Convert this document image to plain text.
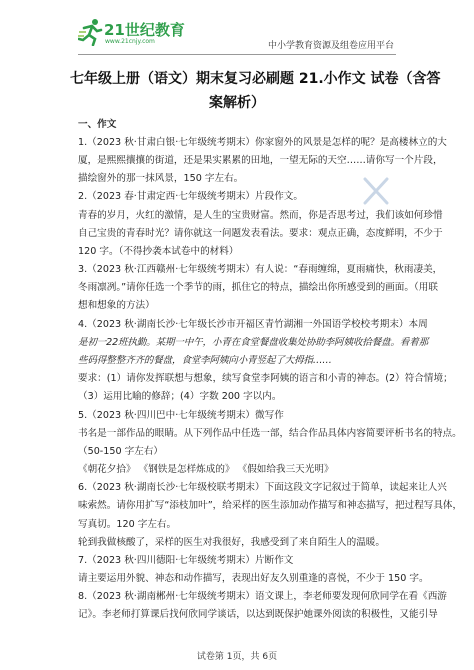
21世纪教育
www.21cnjy.com	中小学教育资源及组卷应用平台
七年级上册（语文）期末复习必刷题 21.小作文 试卷（含答
案解析）
一、作文
1.（2023 秋·甘肃白银·七年级统考期末）你家窗外的风景是怎样的呢？是高楼林立的大
厦，是熙熙攘攘的街道，还是果实累累的田地，一望无际的天空……请你写一个片段，
描绘窗外的那一抹风景，150 字左右。
2.（2023 春·甘肃定西·七年级统考期末）片段作文。
青春的岁月，火红的激情，是人生的宝贵财富。然而，你是否思考过，我们该如何珍惜
自己宝贵的青春时光？请你就这一问题发表看法。要求：观点正确，态度鲜明，不少于
120 字。（不得抄袭本试卷中的材料）
3.（2023 秋·江西赣州·七年级统考期末）有人说：“春雨缠绵，夏雨痛快，秋雨凄美，
冬雨凛冽。”请你任选一个季节的雨，抓住它的特点，描绘出你所感受到的画面。（用联
想和想象的方法）
4.（2023 秋·湖南长沙·七年级长沙市开福区青竹湖湘一外国语学校校考期末）本周
是初一22班执勤。某期一中午，小青在食堂餐盘收集处协助李阿姨收拾餐盘。看着那
些码得整整齐齐的餐盘，食堂李阿姨向小青竖起了大拇指……
要求：(1）请你发挥联想与想象，续写食堂李阿姨的语言和小青的神态。(2）符合情境；
（3）运用比喻的修辞；(4）字数 200 字以内。
5.（2023 秋·四川巴中·七年级统考期末）微写作
书名是一部作品的眼睛。从下列作品中任选一部，结合作品具体内容简要评析书名的特点。
（50-150 字左右）
《朝花夕拾》 《钢铁是怎样炼成的》 《假如给我三天光明》
6.（2023 秋·湖南长沙·七年级校联考期末）下面这段文字记叙过于简单，读起来让人兴
味索然。请你用扩写“添枝加叶”，给采样的医生添加动作描写和神态描写，把过程写具体，
写真切。120 字左右。
轮到我做核酸了，采样的医生对我很好，我感受到了来自陌生人的温暖。
7.（2023 秋·四川德阳·七年级统考期末）片断作文
请主要运用外貌、神态和动作描写，表现出好友久别重逢的喜悦，不少于 150 字。
8.（2023 秋·湖南郴州·七年级统考期末）语文课上，李老师要发现何欣同学在看《西游
记》。李老师打算课后找何欣同学谈话，以达到既保护她课外阅读的积极性，又能引导
试卷第 1页，共 6页
